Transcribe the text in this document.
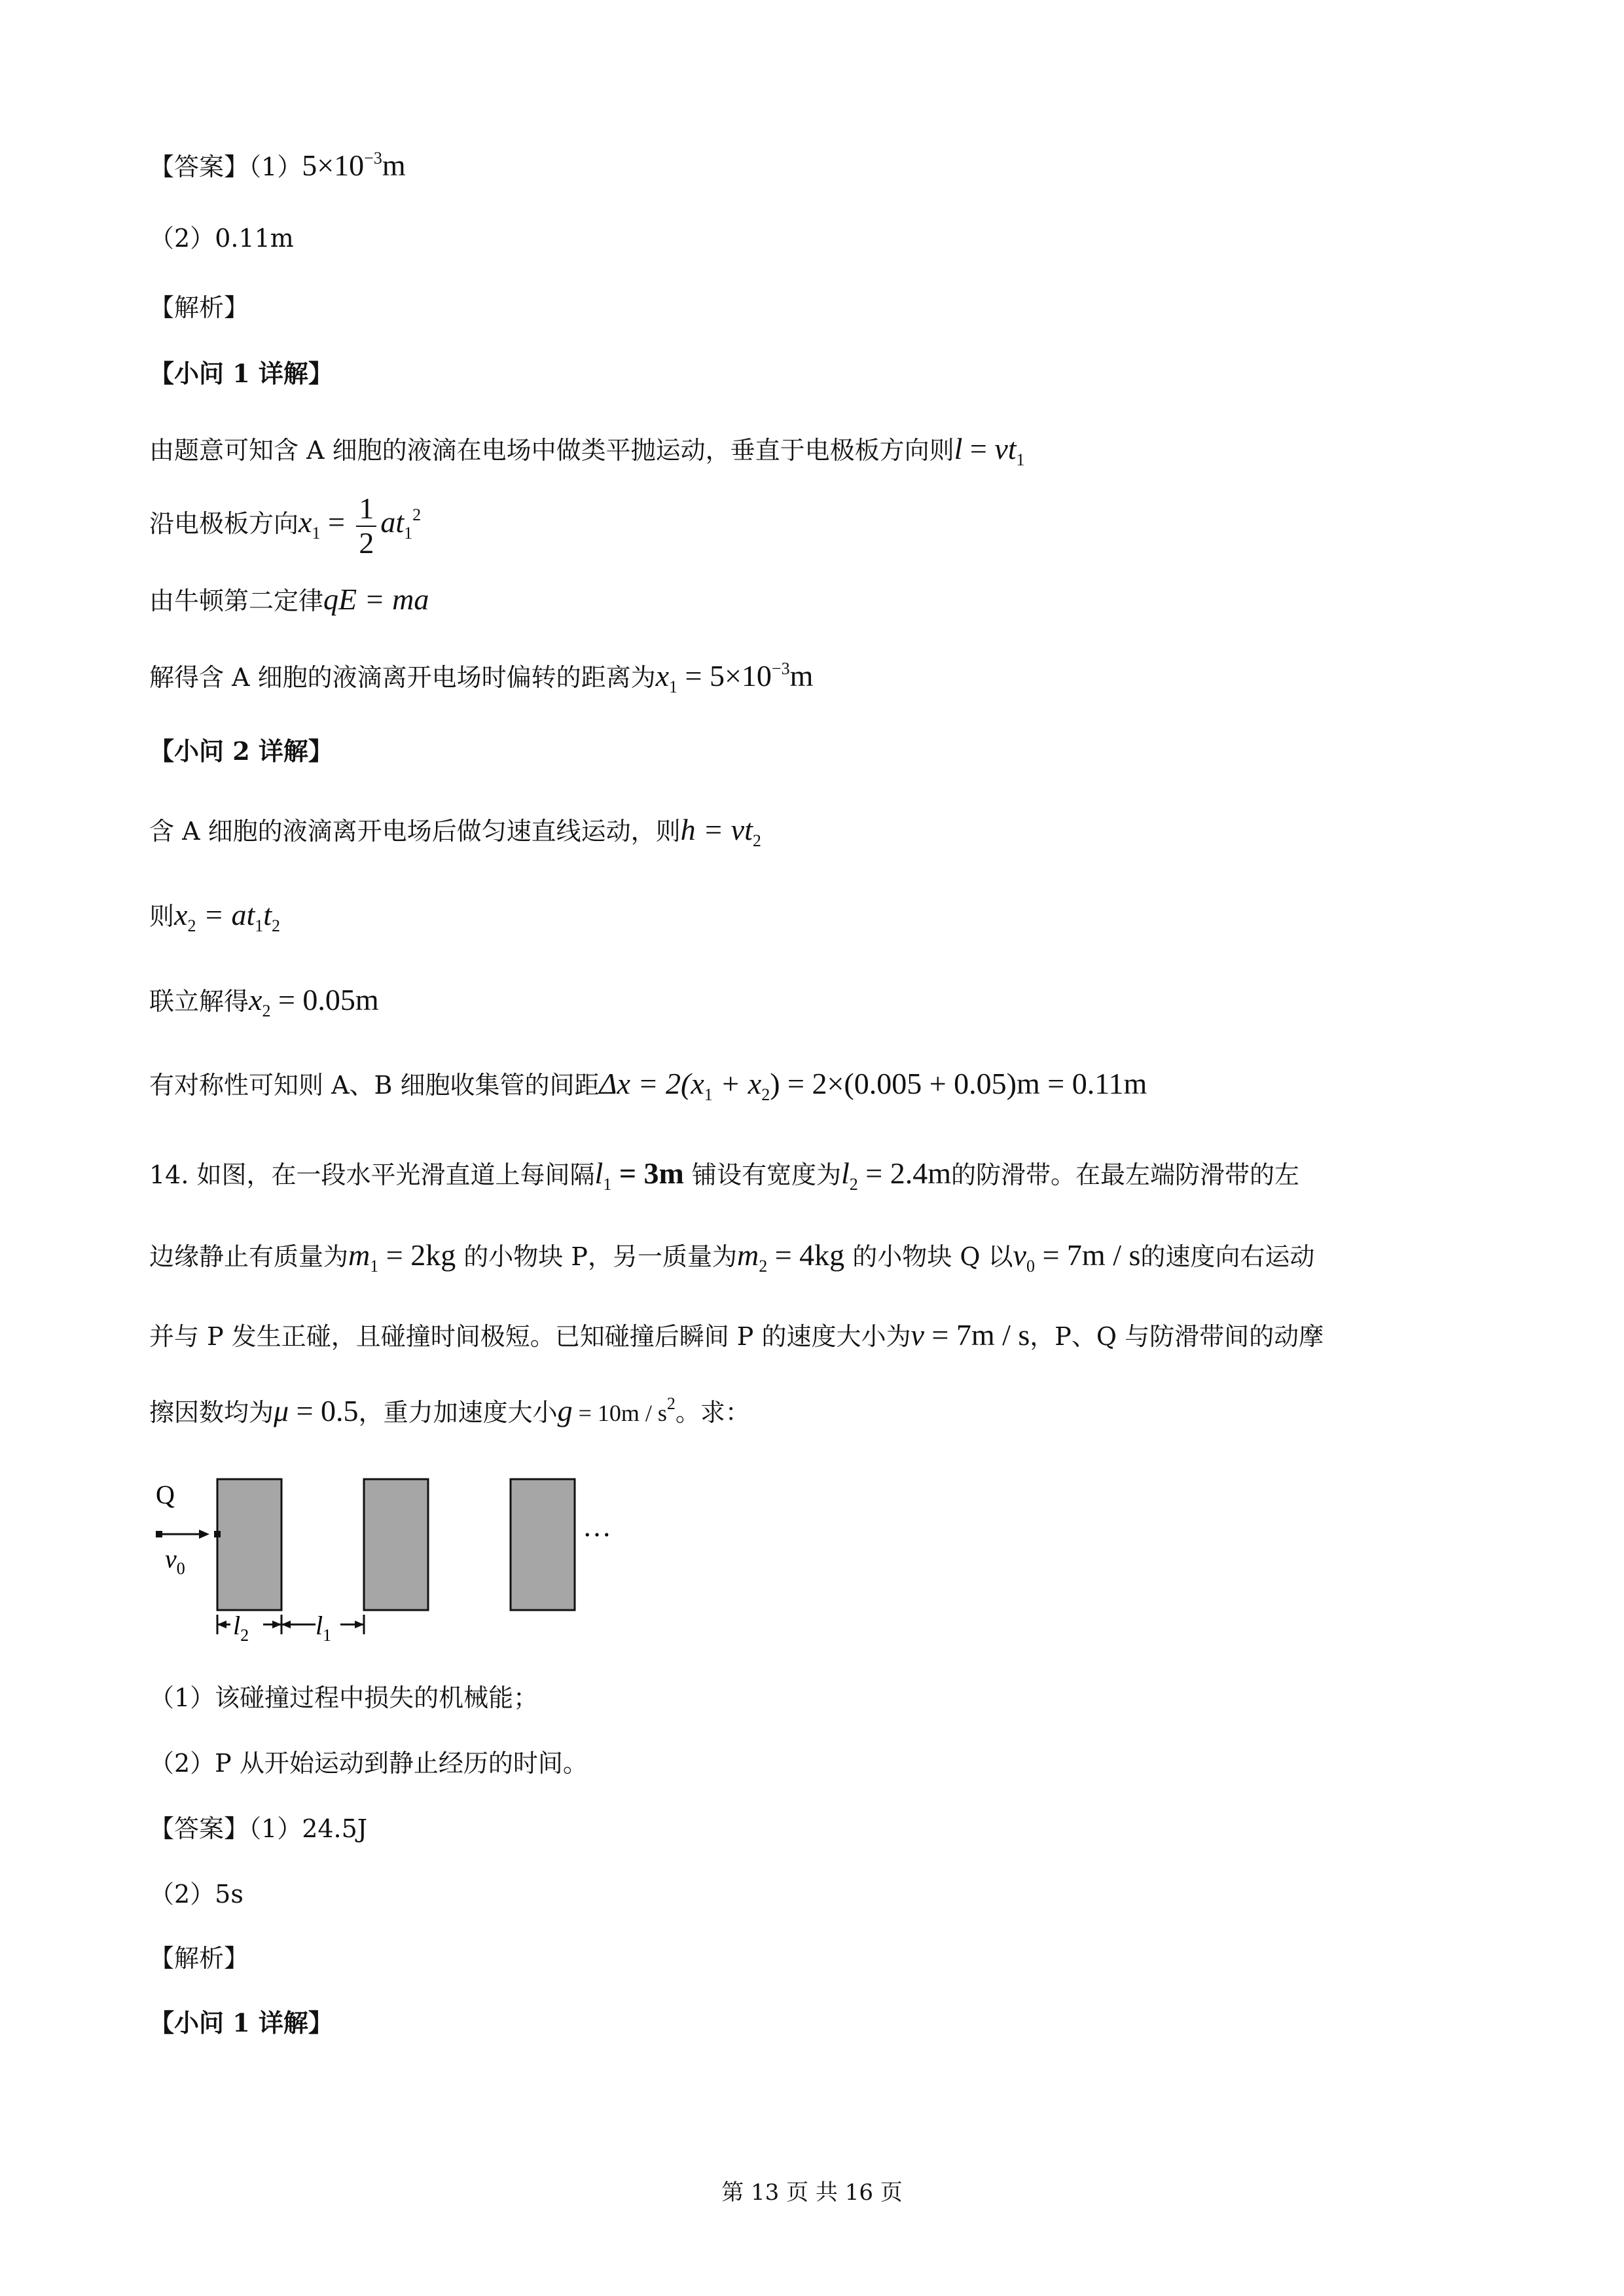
【答案】$(1)5\times 10^{-3}m$
（2）0.11m
【解析】
【小问 1 详解】
由题意可知含 A 细胞的液滴在电场中做类平抛运动，垂直于电极板方向则$l = vt_1$
沿电极板方向$x_1 = \frac{1}{2} at_1^2$
由牛顿第二定律qE = ma
解得含 A 细胞的液滴离开电场时偏转的距离为$x_1 = 5\times 10^{-3}m$
【小问 2 详解】
含 A 细胞的液滴离开电场后做匀速直线运动，则$h = vt_2$
则$x_2 = at_1t_2$
联立解得$x_2 = 0.05m$
有对称性可知则 A、B 细胞收集管的间距$\Delta x = 2(x_1 + x_2) = 2\times(0.005 + 0.05)m = 0.11m$
14. 如图，在一段水平光滑直道上每间隔$l_1 = 3m$ 铺设有宽度为$l_2 = 2.4m$的防滑带。在最左端防滑带的左
边缘静止有质量为$m_1 = 2kg$ 的小物块 P，另一质量为$m_2 = 4kg$ 的小物块 Q 以$v_0 = 7m / s$的速度向右运动
并与 P 发生正碰，且碰撞时间极短。已知碰撞后瞬间 P 的速度大小为v = 7m / s，P、Q 与防滑带间的动摩
擦因数均为μ = 0.5，重力加速度大小$g = 10m / s^2$。求：
Q
$v_0$
…
$l_2$	$l_1$
（1）该碰撞过程中损失的机械能；
（2）P 从开始运动到静止经历的时间。
【答案】（1）24.5J
（2）5s
【解析】
【小问 1 详解】
第 13 页 共 16 页
